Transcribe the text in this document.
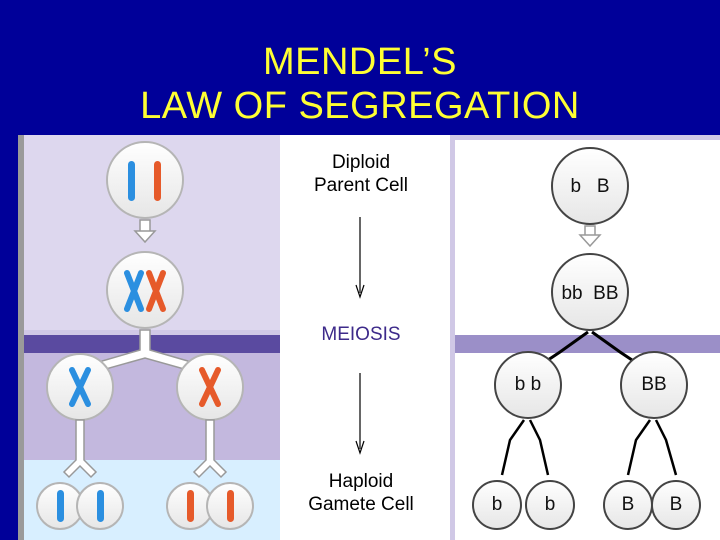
MENDEL’S
LAW OF SEGREGATION
Diploid
Parent Cell
MEIOSIS
Haploid
Gamete Cell
b   B
bb  BB
b b	BB
b	b	B	B
